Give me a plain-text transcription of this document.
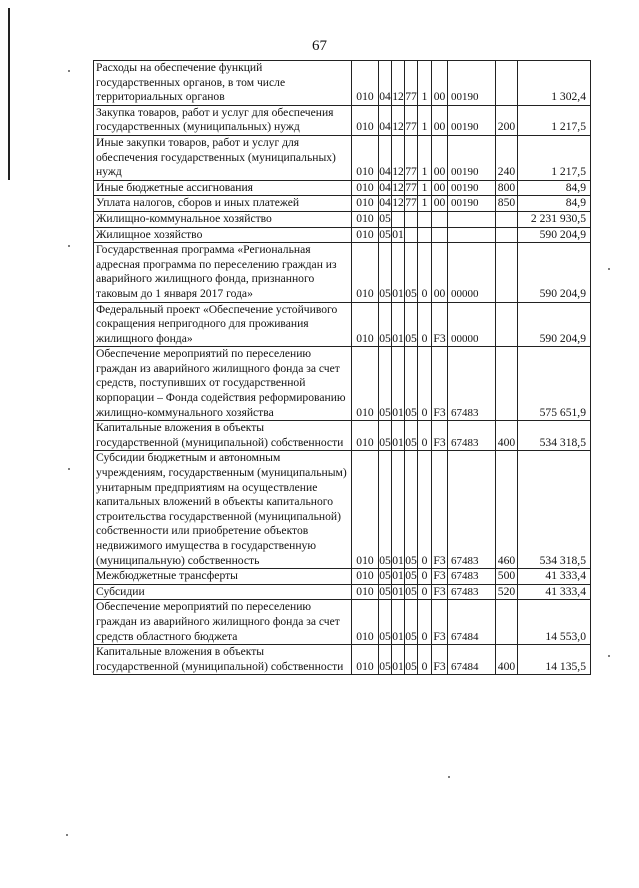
67
Расходы на обеспечение функций государственных органов, в том числе территориальных органов	010	04	12	77	1	00	00190		1 302,4
Закупка товаров, работ и услуг для обеспечения государственных (муниципальных) нужд	010	04	12	77	1	00	00190	200	1 217,5
Иные закупки товаров, работ и услуг для обеспечения государственных (муниципальных) нужд	010	04	12	77	1	00	00190	240	1 217,5
Иные бюджетные ассигнования	010	04	12	77	1	00	00190	800	84,9
Уплата налогов, сборов и иных платежей	010	04	12	77	1	00	00190	850	84,9
Жилищно-коммунальное хозяйство	010	05							2 231 930,5
Жилищное хозяйство	010	05	01						590 204,9
Государственная программа «Региональная адресная программа по переселению граждан из аварийного жилищного фонда, признанного таковым до 1 января 2017 года»	010	05	01	05	0	00	00000		590 204,9
Федеральный проект «Обеспечение устойчивого сокращения непригодного для проживания жилищного фонда»	010	05	01	05	0	F3	00000		590 204,9
Обеспечение мероприятий по переселению граждан из аварийного жилищного фонда за счет средств, поступивших от государственной корпорации – Фонда содействия реформированию жилищно-коммунального хозяйства	010	05	01	05	0	F3	67483		575 651,9
Капитальные вложения в объекты государственной (муниципальной) собственности	010	05	01	05	0	F3	67483	400	534 318,5
Субсидии бюджетным и автономным учреждениям, государственным (муниципальным) унитарным предприятиям на осуществление капитальных вложений в объекты капитального строительства государственной (муниципальной) собственности или приобретение объектов недвижимого имущества в государственную (муниципальную) собственность	010	05	01	05	0	F3	67483	460	534 318,5
Межбюджетные трансферты	010	05	01	05	0	F3	67483	500	41 333,4
Субсидии	010	05	01	05	0	F3	67483	520	41 333,4
Обеспечение мероприятий по переселению граждан из аварийного жилищного фонда за счет средств областного бюджета	010	05	01	05	0	F3	67484		14 553,0
Капитальные вложения в объекты государственной (муниципальной) собственности	010	05	01	05	0	F3	67484	400	14 135,5
